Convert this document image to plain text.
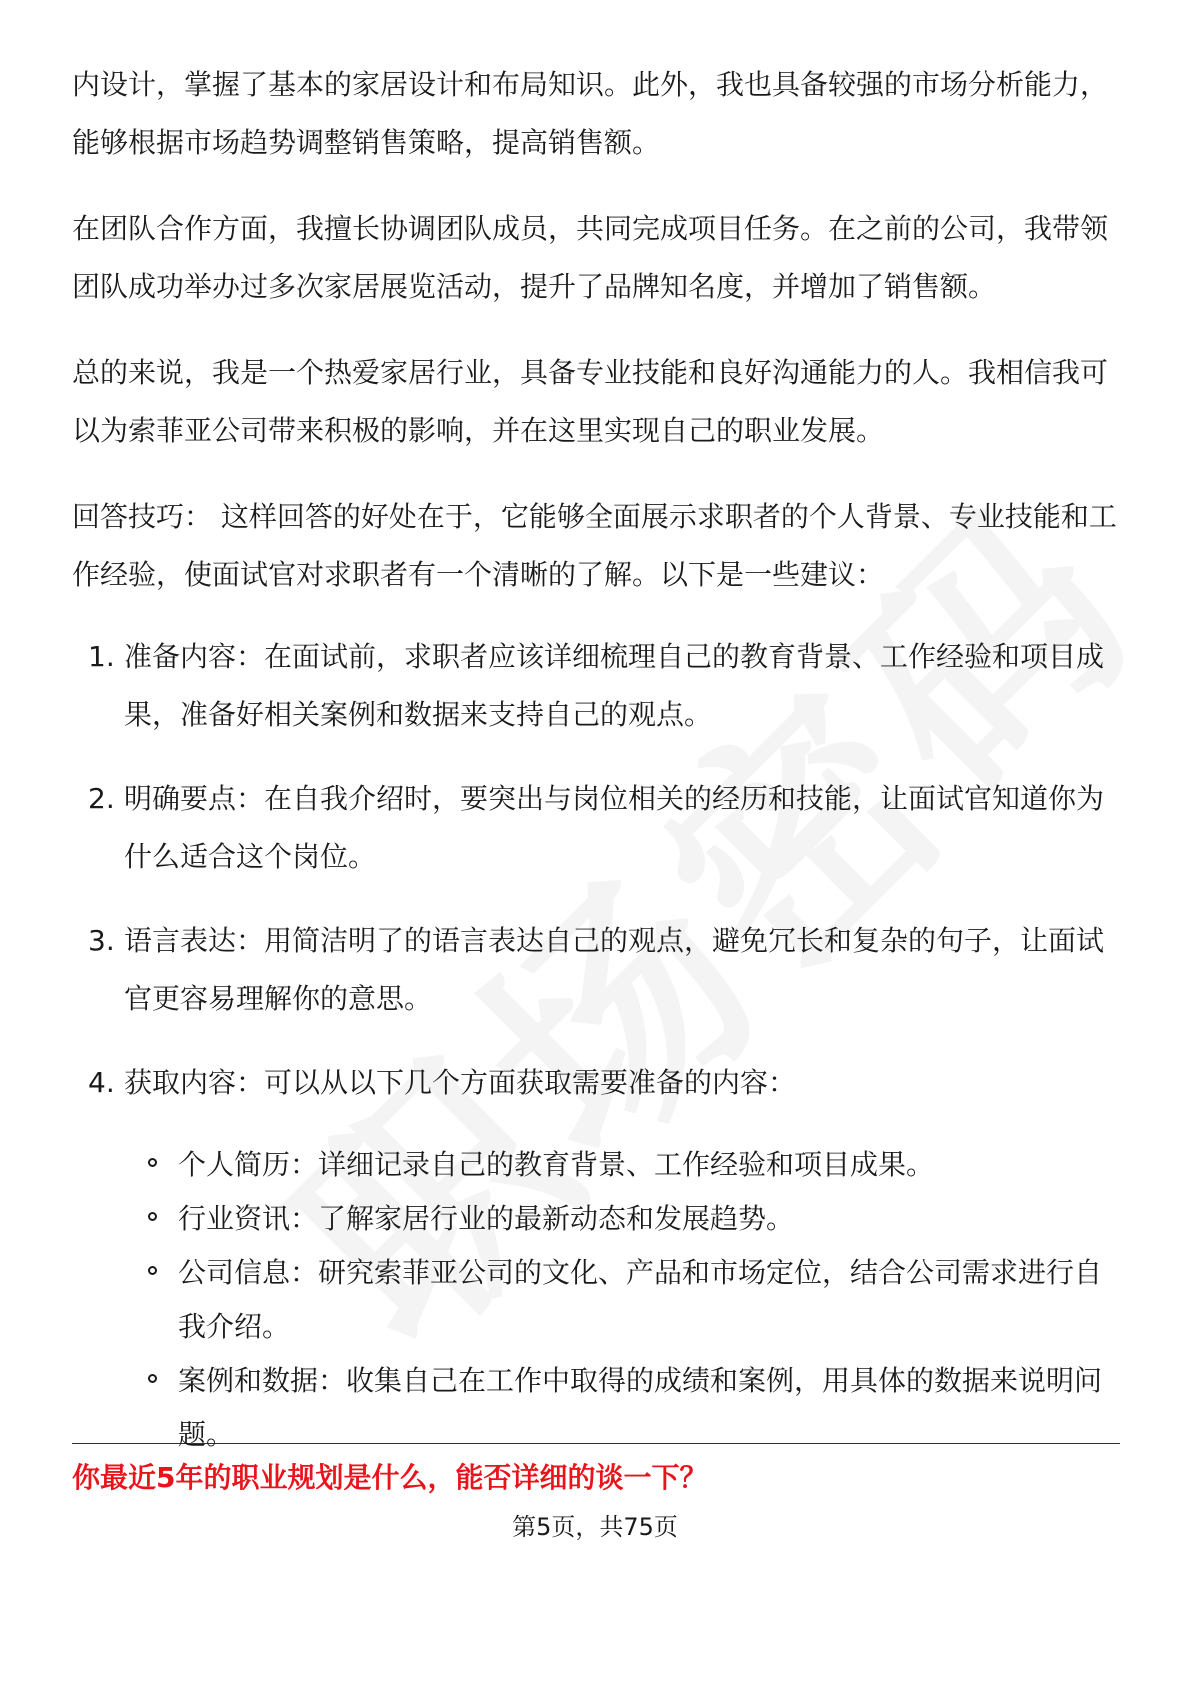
内设计，掌握了基本的家居设计和布局知识。此外，我也具备较强的市场分析能力，能够根据市场趋势调整销售策略，提高销售额。

在团队合作方面，我擅长协调团队成员，共同完成项目任务。在之前的公司，我带领团队成功举办过多次家居展览活动，提升了品牌知名度，并增加了销售额。

总的来说，我是一个热爱家居行业，具备专业技能和良好沟通能力的人。我相信我可以为索菲亚公司带来积极的影响，并在这里实现自己的职业发展。

回答技巧： 这样回答的好处在于，它能够全面展示求职者的个人背景、专业技能和工作经验，使面试官对求职者有一个清晰的了解。以下是一些建议：

1. 准备内容：在面试前，求职者应该详细梳理自己的教育背景、工作经验和项目成果，准备好相关案例和数据来支持自己的观点。
2. 明确要点：在自我介绍时，要突出与岗位相关的经历和技能，让面试官知道你为什么适合这个岗位。
3. 语言表达：用简洁明了的语言表达自己的观点，避免冗长和复杂的句子，让面试官更容易理解你的意思。
4. 获取内容：可以从以下几个方面获取需要准备的内容：
个人简历：详细记录自己的教育背景、工作经验和项目成果。
行业资讯：了解家居行业的最新动态和发展趋势。
公司信息：研究索菲亚公司的文化、产品和市场定位，结合公司需求进行自我介绍。
案例和数据：收集自己在工作中取得的成绩和案例，用具体的数据来说明问题。
你最近5年的职业规划是什么，能否详细的谈一下？
第5页，共75页
